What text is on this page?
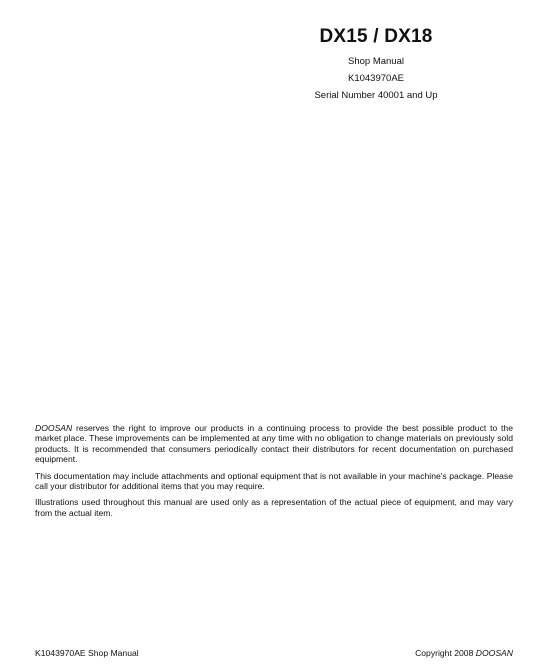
DX15 / DX18
Shop Manual
K1043970AE
Serial Number 40001 and Up

DOOSAN reserves the right to improve our products in a continuing process to provide the best possible product to the market place. These improvements can be implemented at any time with no obligation to change materials on previously sold products. It is recommended that consumers periodically contact their distributors for recent documentation on purchased equipment.

This documentation may include attachments and optional equipment that is not available in your machine's package. Please call your distributor for additional items that you may require.

Illustrations used throughout this manual are used only as a representation of the actual piece of equipment, and may vary from the actual item.

K1043970AE Shop Manual	Copyright 2008 DOOSAN
